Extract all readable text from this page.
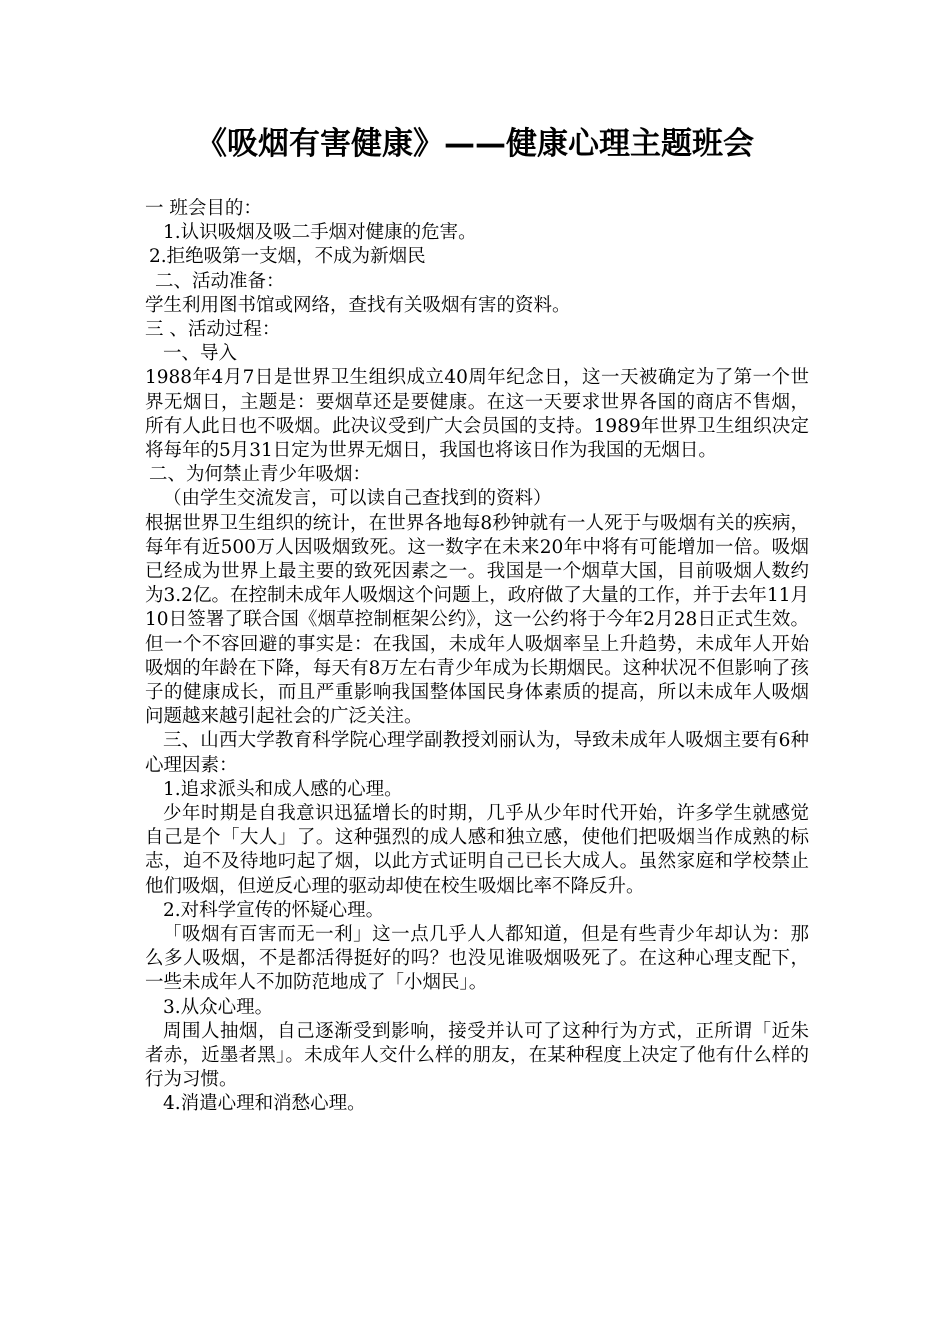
《吸烟有害健康》——健康心理主题班会
一 班会目的：
1.认识吸烟及吸二手烟对健康的危害。
2.拒绝吸第一支烟，不成为新烟民
二、活动准备：
学生利用图书馆或网络，查找有关吸烟有害的资料。
三 、活动过程：
一、导入
1988年4月7日是世界卫生组织成立40周年纪念日，这一天被确定为了第一个世界无烟日，主题是：要烟草还是要健康。在这一天要求世界各国的商店不售烟，所有人此日也不吸烟。此决议受到广大会员国的支持。1989年世界卫生组织决定将每年的5月31日定为世界无烟日，我国也将该日作为我国的无烟日。
二、为何禁止青少年吸烟：
（由学生交流发言，可以读自己查找到的资料）
根据世界卫生组织的统计，在世界各地每8秒钟就有一人死于与吸烟有关的疾病，每年有近500万人因吸烟致死。这一数字在未来20年中将有可能增加一倍。吸烟已经成为世界上最主要的致死因素之一。我国是一个烟草大国，目前吸烟人数约为3.2亿。在控制未成年人吸烟这个问题上，政府做了大量的工作，并于去年11月10日签署了联合国《烟草控制框架公约》，这一公约将于今年2月28日正式生效。但一个不容回避的事实是：在我国，未成年人吸烟率呈上升趋势，未成年人开始吸烟的年龄在下降，每天有8万左右青少年成为长期烟民。这种状况不但影响了孩子的健康成长，而且严重影响我国整体国民身体素质的提高，所以未成年人吸烟问题越来越引起社会的广泛关注。
三、山西大学教育科学院心理学副教授刘丽认为，导致未成年人吸烟主要有6种心理因素：
1.追求派头和成人感的心理。
少年时期是自我意识迅猛增长的时期，几乎从少年时代开始，许多学生就感觉自己是个「大人」了。这种强烈的成人感和独立感，使他们把吸烟当作成熟的标志，迫不及待地叼起了烟，以此方式证明自己已长大成人。虽然家庭和学校禁止他们吸烟，但逆反心理的驱动却使在校生吸烟比率不降反升。
2.对科学宣传的怀疑心理。
「吸烟有百害而无一利」这一点几乎人人都知道，但是有些青少年却认为：那么多人吸烟，不是都活得挺好的吗？也没见谁吸烟吸死了。在这种心理支配下，一些未成年人不加防范地成了「小烟民」。
3.从众心理。
周围人抽烟，自己逐渐受到影响，接受并认可了这种行为方式，正所谓「近朱者赤，近墨者黑」。未成年人交什么样的朋友，在某种程度上决定了他有什么样的行为习惯。
4.消遣心理和消愁心理。
